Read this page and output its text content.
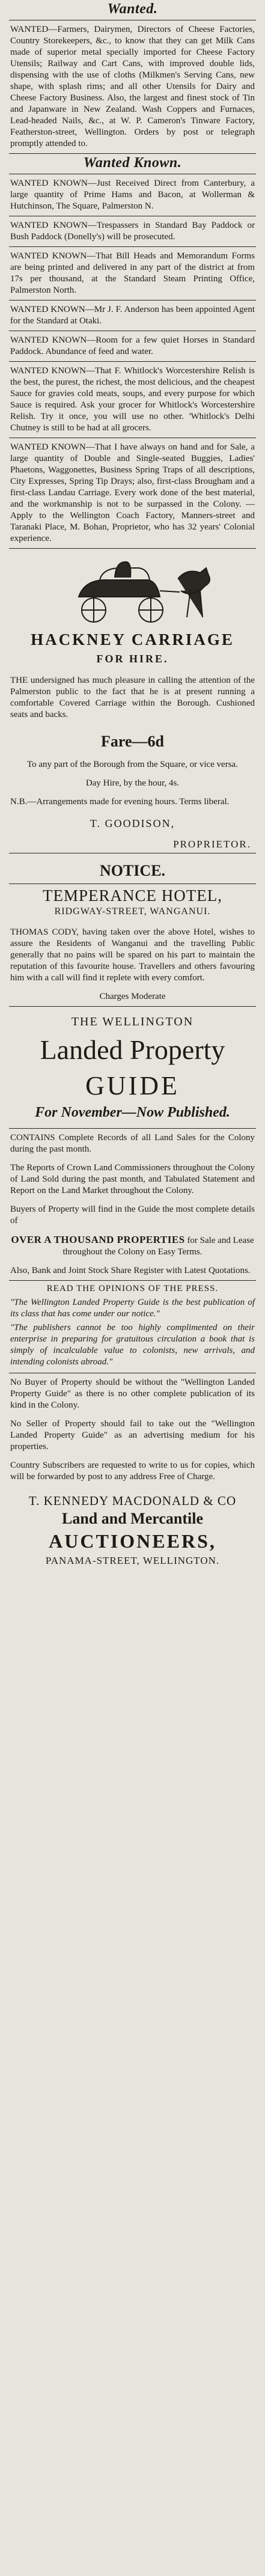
Wanted.

WANTED—Farmers, Dairymen, Directors of Cheese Factories, Country Storekeepers, &c., to know that they can get Milk Cans made of superior metal specially imported for Cheese Factory Utensils; Railway and Cart Cans, with improved double lids, dispensing with the use of cloths (Milkmen's Serving Cans, new shape, with splash rims; and all other Utensils for Dairy and Cheese Factory Business. Also, the largest and finest stock of Tin and Japanware in New Zealand. Wash Coppers and Furnaces, Lead-headed Nails, &c., at W. P. Cameron's Tinware Factory, Featherston-street, Wellington. Orders by post or telegraph promptly attended to.

Wanted Known.

WANTED KNOWN—Just Received Direct from Canterbury, a large quantity of Prime Hams and Bacon, at Wollerman & Hutchinson, The Square, Palmerston N.

WANTED KNOWN—Trespassers in Standard Bay Paddock or Bush Paddock (Donelly's) will be prosecuted.

WANTED KNOWN—That Bill Heads and Memorandum Forms are being printed and delivered in any part of the district at from 17s per thousand, at the Standard Steam Printing Office, Palmerston North.

WANTED KNOWN—Mr J. F. Anderson has been appointed Agent for the Standard at Otaki.

WANTED KNOWN—Room for a few quiet Horses in Standard Paddock. Abundance of feed and water.

WANTED KNOWN—That F. Whitlock's Worcestershire Relish is the best, the purest, the richest, the most delicious, and the cheapest Sauce for gravies cold meats, soups, and every purpose for which Sauce is required. Ask your grocer for Whitlock's Worcestershire Relish. Try it once, you will use no other. 'Whitlock's Delhi Chutney is still to be had at all grocers.

WANTED KNOWN—That I have always on hand and for Sale, a large quantity of Double and Single-seated Buggies, Ladies' Phaetons, Waggonettes, Business Spring Traps of all descriptions, City Expresses, Spring Tip Drays; also, first-class Brougham and a first-class Landau Carriage. Every work done of the best material, and the workmanship is not to be surpassed in the Colony. — Apply to the Wellington Coach Factory, Manners-street and Taranaki Place, M. Bohan, Proprietor, who has 32 years' Colonial experience.

HACKNEY CARRIAGE
FOR HIRE.

THE undersigned has much pleasure in calling the attention of the Palmerston public to the fact that he is at present running a comfortable Covered Carriage within the Borough. Cushioned seats and backs.

Fare—6d
To any part of the Borough from the Square, or vice versa.
Day Hire, by the hour, 4s.
N.B.—Arrangements made for evening hours. Terms liberal.
T. GOODISON,
PROPRIETOR.
NOTICE.
TEMPERANCE HOTEL,
RIDGWAY-STREET, WANGANUI.

THOMAS CODY, having taken over the above Hotel, wishes to assure the Residents of Wanganui and the travelling Public generally that no pains will be spared on his part to maintain the reputation of this favourite house. Travellers and others favouring him with a call will find it replete with every comfort.

Charges Moderate
THE WELLINGTON
Landed Property
GUIDE
For November—Now Published.
CONTAINS Complete Records of all Land Sales for the Colony during the past month.
The Reports of Crown Land Commissioners throughout the Colony of Land Sold during the past month, and Tabulated Statement and Report on the Land Market throughout the Colony.
Buyers of Property will find in the Guide the most complete details of
OVER A THOUSAND PROPERTIES for Sale and Lease throughout the Colony on Easy Terms.
Also, Bank and Joint Stock Share Register with Latest Quotations.
READ THE OPINIONS OF THE PRESS.

"The Wellington Landed Property Guide is the best publication of its class that has come under our notice."

"The publishers cannot be too highly complimented on their enterprise in preparing for gratuitous circulation a book that is simply of incalculable value to colonists, new arrivals, and intending colonists abroad."

No Buyer of Property should be without the "Wellington Landed Property Guide" as there is no other complete publication of its kind in the Colony.
No Seller of Property should fail to take out the "Wellington Landed Property Guide" as an advertising medium for his properties.
Country Subscribers are requested to write to us for copies, which will be forwarded by post to any address Free of Charge.
T. KENNEDY MACDONALD & CO
Land and Mercantile
AUCTIONEERS,
PANAMA-STREET, WELLINGTON.
